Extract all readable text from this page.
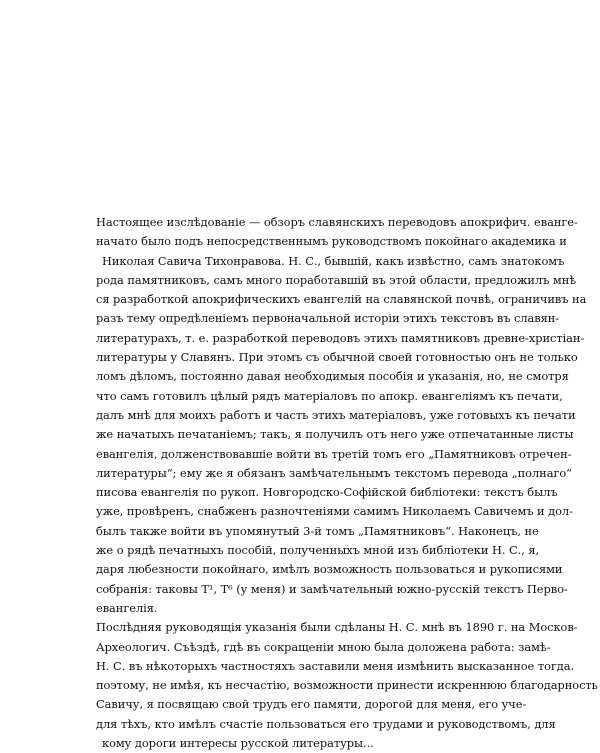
Настоящее изслѣдованіе — обзоръ славянскихъ переводовъ апокрифич. еванге-
начато было подъ непосредственнымъ руководствомъ покойнаго академика и
Николая Савича Тихонравова. Н. С., бывшій, какъ извѣстно, самъ знатокомъ
рода памятниковъ, самъ много поработавшій въ этой области, предложилъ мнѣ
ся разработкой апокрифическихъ евангелій на славянской почвѣ, ограничивъ на
разъ тему опредѣленіемъ первоначальной исторіи этихъ текстовъ въ славян-
литературахъ, т. е. разработкой переводовъ этихъ памятниковъ древне-христіан-
литературы у Славянъ. При этомъ съ обычной своей готовностью онъ не только
ломъ дѣломъ, постоянно давая необходимыя пособія и указанія, но, не смотря
что самъ готовилъ цѣлый рядъ матеріаловъ по апокр. евангеліямъ къ печати,
далъ мнѣ для моихъ работъ и часть этихъ матеріаловъ, уже готовыхъ къ печати
же начатыхъ печатаніемъ; такъ, я получилъ отъ него уже отпечатанные листы
евангелія, долженствовавшіе войти въ третій томъ его „Памятниковъ отречен-
литературы“; ему же я обязанъ замѣчательнымъ текстомъ перевода „полнаго“
писова евангелія по рукоп. Новгородско-Софійской библіотеки: текстъ былъ
уже, провѣренъ, снабженъ разночтеніями самимъ Николаемъ Савичемъ и дол-
былъ также войти въ упомянутый 3-й томъ „Памятниковъ“. Наконецъ, не
же о рядѣ печатныхъ пособій, полученныхъ мной изъ библіотеки Н. С., я,
даря любезности покойнаго, имѣлъ возможность пользоваться и рукописями
собранія: таковы Т¹, Т⁶ (у меня) и замѣчательный южно-русскій текстъ Перво-
евангелія.
Послѣдняя руководящія указанія были сдѣланы Н. С. мнѣ въ 1890 г. на Москов-
Археологич. Съѣздѣ, гдѣ въ сокращеніи мною была доложена работа: замѣ-
Н. С. въ нѣкоторыхъ частностяхъ заставили меня измѣнить высказанное тогда.
поэтому, не имѣя, къ несчастію, возможности принести искреннюю благодарность
Савичу, я посвящаю свой трудъ его памяти, дорогой для меня, его уче-
для тѣхъ, кто имѣлъ счастіе пользоваться его трудами и руководствомъ, для
кому дороги интересы русской литературы...
